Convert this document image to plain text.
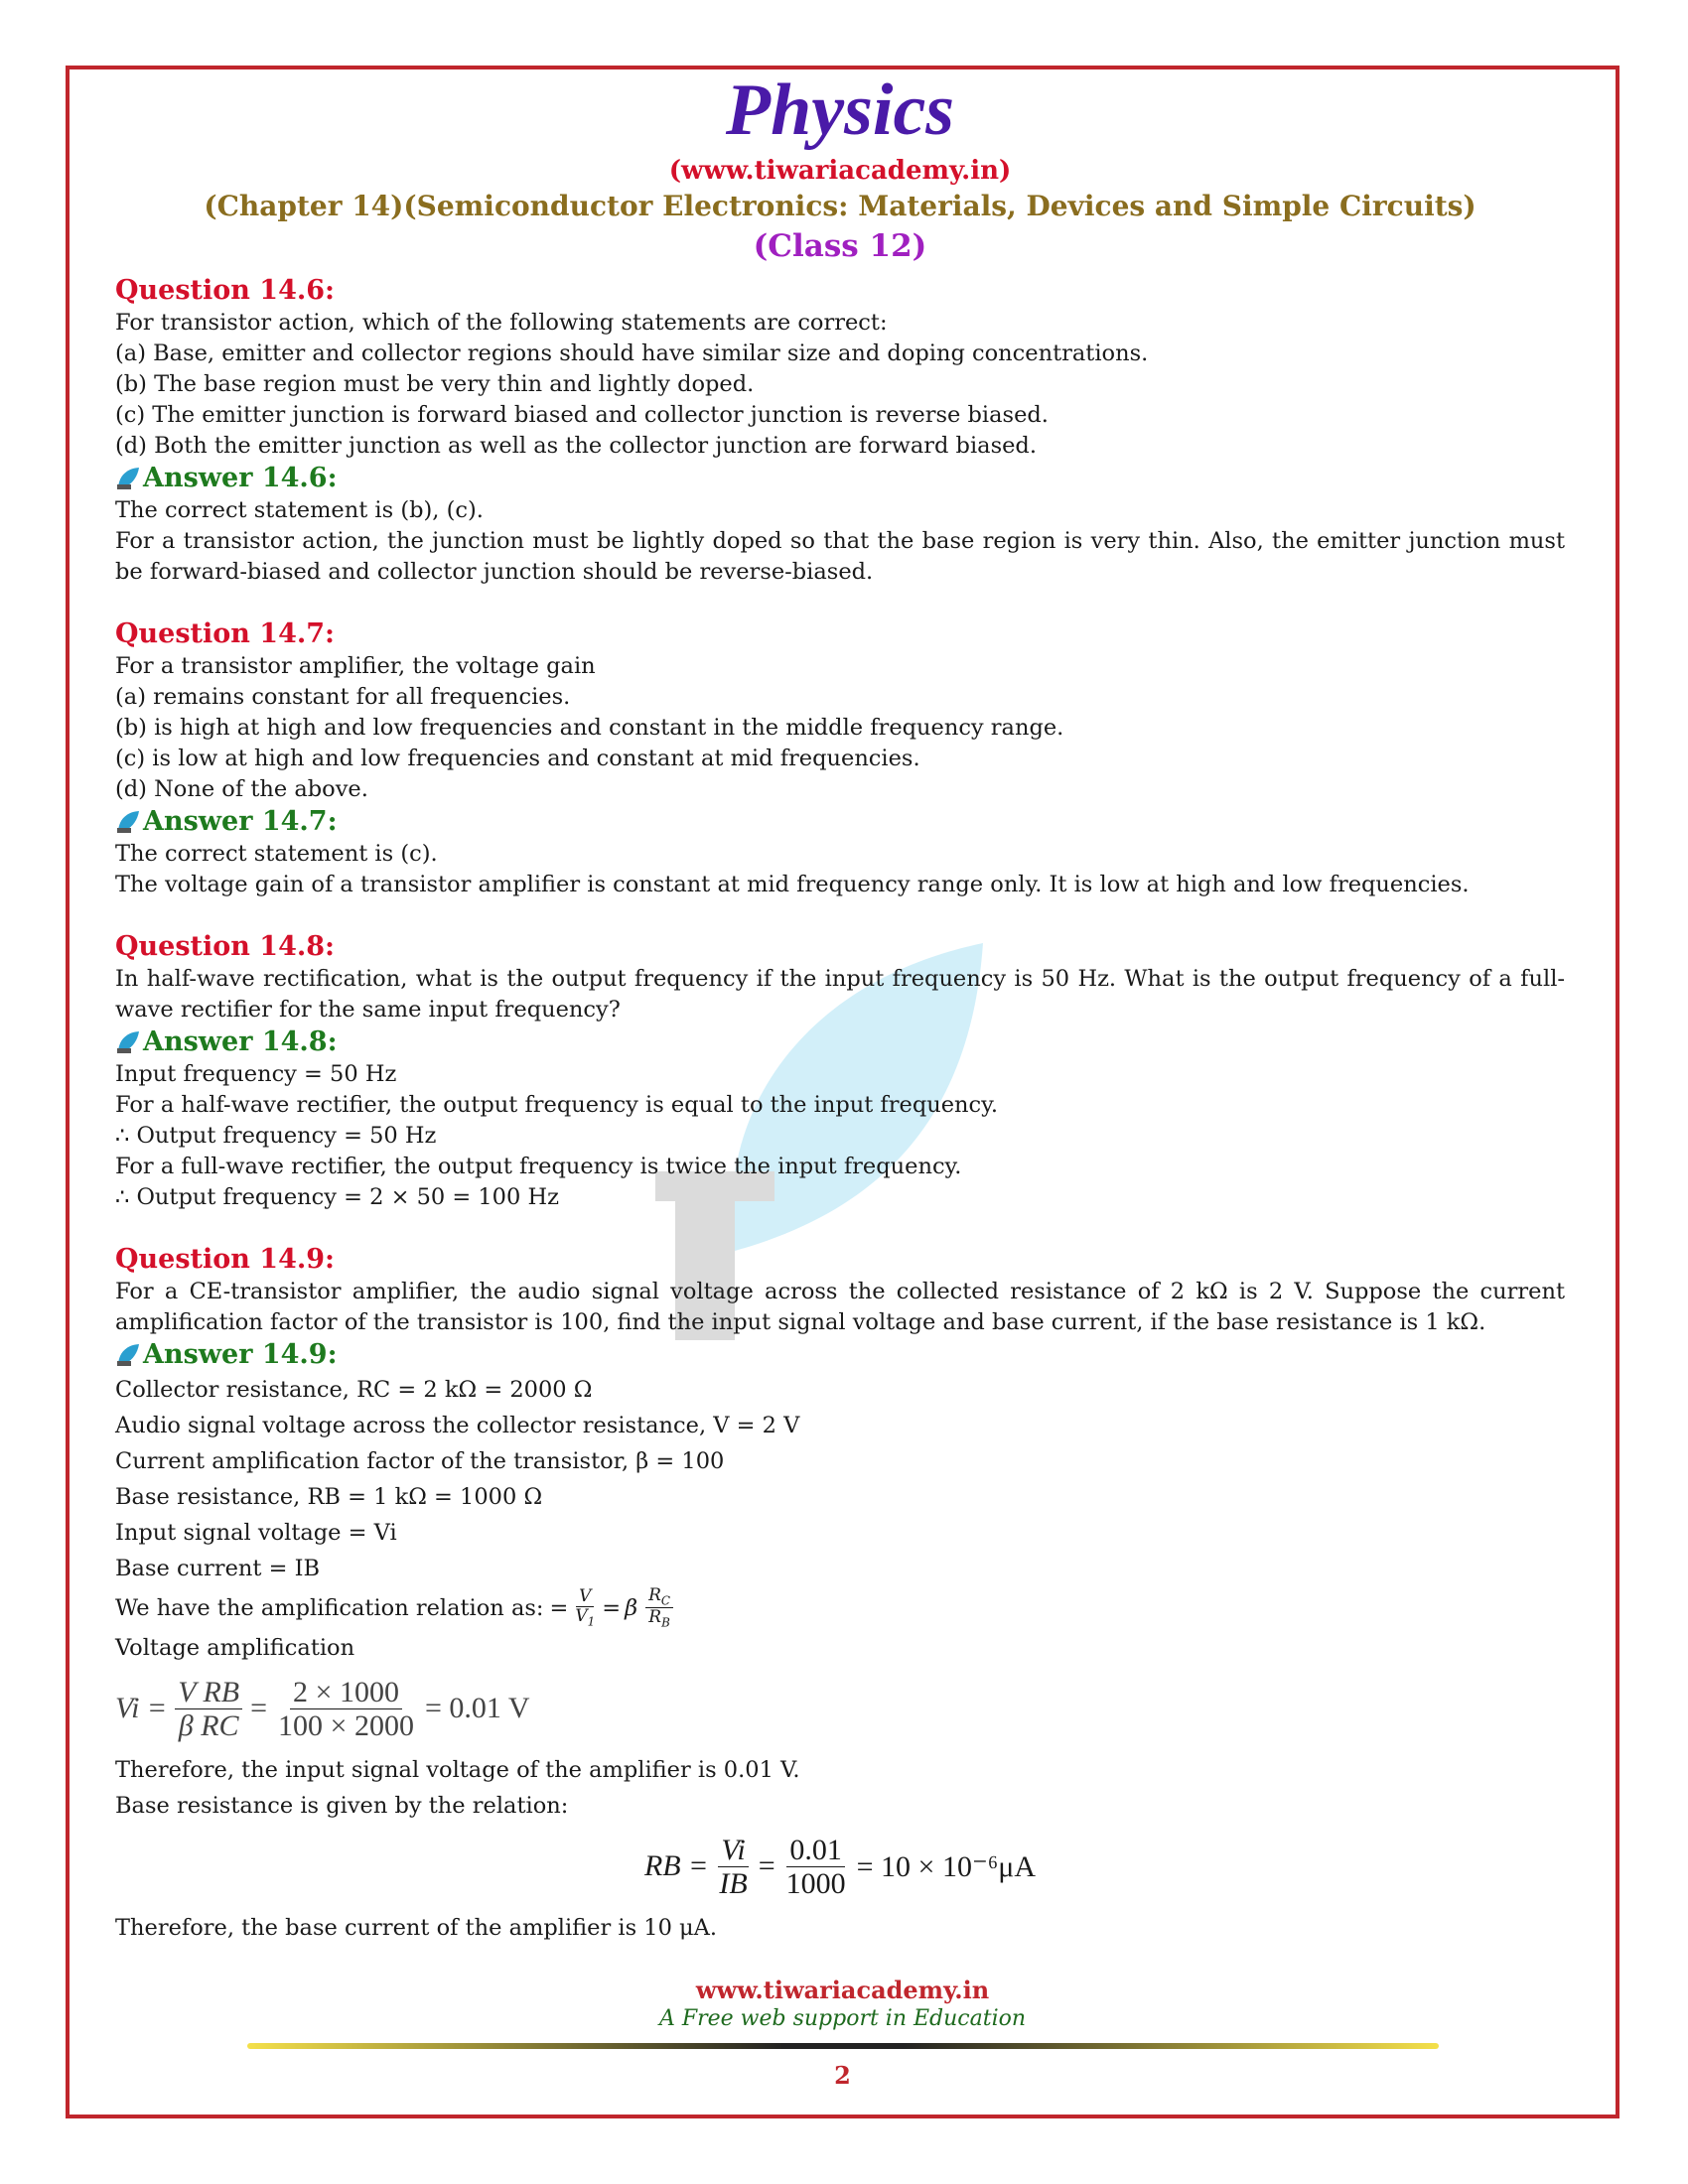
Physics
(www.tiwariacademy.in)
(Chapter 14)(Semiconductor Electronics: Materials, Devices and Simple Circuits)
(Class 12)
Question 14.6:
For transistor action, which of the following statements are correct:
(a) Base, emitter and collector regions should have similar size and doping concentrations.
(b) The base region must be very thin and lightly doped.
(c) The emitter junction is forward biased and collector junction is reverse biased.
(d) Both the emitter junction as well as the collector junction are forward biased.
Answer 14.6:
The correct statement is (b), (c).
For a transistor action, the junction must be lightly doped so that the base region is very thin. Also, the emitter junction must be forward-biased and collector junction should be reverse-biased.
Question 14.7:
For a transistor amplifier, the voltage gain
(a) remains constant for all frequencies.
(b) is high at high and low frequencies and constant in the middle frequency range.
(c) is low at high and low frequencies and constant at mid frequencies.
(d) None of the above.
Answer 14.7:
The correct statement is (c).
The voltage gain of a transistor amplifier is constant at mid frequency range only. It is low at high and low frequencies.
Question 14.8:
In half-wave rectification, what is the output frequency if the input frequency is 50 Hz. What is the output frequency of a full-wave rectifier for the same input frequency?
Answer 14.8:
Input frequency = 50 Hz
For a half-wave rectifier, the output frequency is equal to the input frequency.
∴ Output frequency = 50 Hz
For a full-wave rectifier, the output frequency is twice the input frequency.
∴ Output frequency = 2 × 50 = 100 Hz
Question 14.9:
For a CE-transistor amplifier, the audio signal voltage across the collected resistance of 2 kΩ is 2 V. Suppose the current amplification factor of the transistor is 100, find the input signal voltage and base current, if the base resistance is 1 kΩ.
Answer 14.9:
Collector resistance, RC = 2 kΩ = 2000 Ω
Audio signal voltage across the collector resistance, V = 2 V
Current amplification factor of the transistor, β = 100
Base resistance, RB = 1 kΩ = 1000 Ω
Input signal voltage = Vi
Base current = IB
We have the amplification relation as: = $\frac{V}{V_1} = \beta \frac{R_C}{R_B}$
Voltage amplification
$Vi = \frac{\text{V RB}}{\text{β RC}} = \frac{2 \times 1000}{100 \times 2000} = 0.01$ V
Therefore, the input signal voltage of the amplifier is 0.01 V.
Base resistance is given by the relation:
RB = $\frac{Vi}{IB} = \frac{0.01}{1000} = 10 \times 10^{-6}\mu A$
Therefore, the base current of the amplifier is 10 μA.
www.tiwariacademy.in
A Free web support in Education
2
